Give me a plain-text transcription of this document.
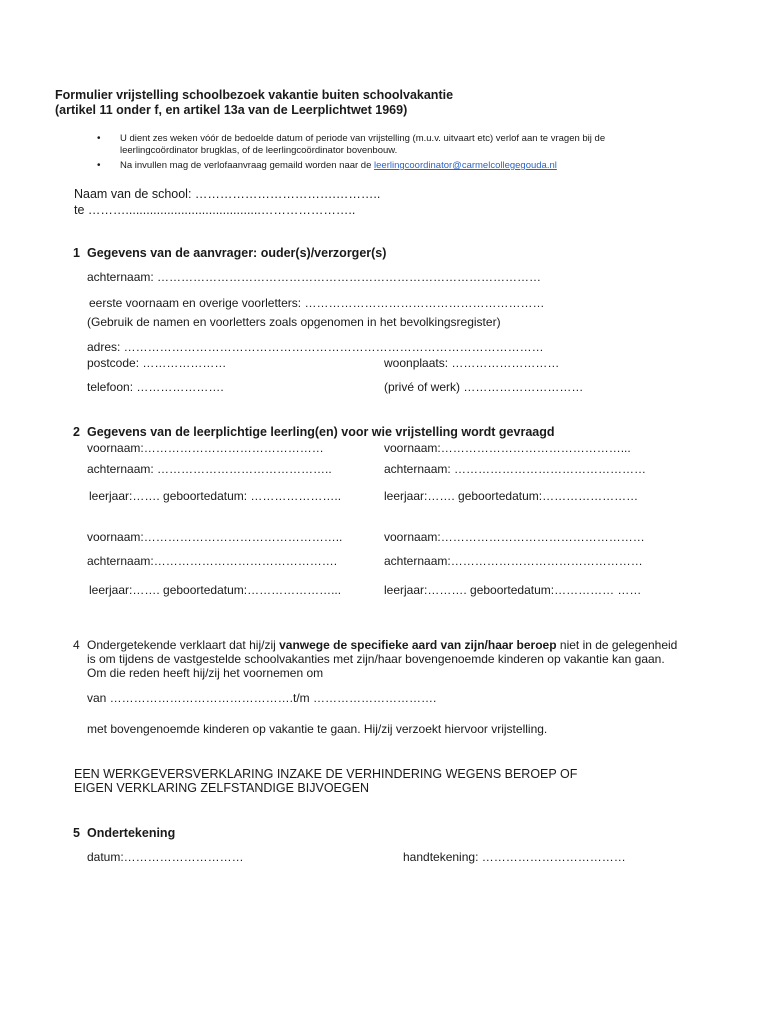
Formulier vrijstelling schoolbezoek vakantie buiten schoolvakantie
(artikel 11 onder f, en artikel 13a van de Leerplichtwet 1969)
• U dient zes weken vóór de bedoelde datum of periode van vrijstelling (m.u.v. uitvaart etc) verlof aan te vragen bij de
leerlingcoördinator brugklas, of de leerlingcoördinator bovenbouw.
• Na invullen mag de verlofaanvraag gemaild worden naar de leerlingcoordinator@carmelcollegegouda.nl
Naam van de school: …………………………….………..
te ……….......................................…………………..
1 Gegevens van de aanvrager: ouder(s)/verzorger(s)
achternaam: ……………………………………………………………………………………
eerste voornaam en overige voorletters: ……………………………………………………
(Gebruik de namen en voorletters zoals opgenomen in het bevolkingsregister)
adres: ……………………………………………………………………………………………
postcode: …………………	woonplaats: ………………………
telefoon: ………………….	(privé of werk) …………………………
2 Gegevens van de leerplichtige leerling(en) voor wie vrijstelling wordt gevraagd
voornaam:………………………………………	voornaam:………………………………………...
achternaam: ……………………………………..	achternaam: …………………………………………
leerjaar:……. geboortedatum: …………………..	leerjaar:……. geboortedatum:……………………
voornaam:…………………………………………..	voornaam:……………………………………………
achternaam:……………………………………….	achternaam:…………………………………………
leerjaar:……. geboortedatum:…………………...	leerjaar:………. geboortedatum:…………… ……
4 Ondergetekende verklaart dat hij/zij vanwege de specifieke aard van zijn/haar beroep niet in de gelegenheid
is om tijdens de vastgestelde schoolvakanties met zijn/haar bovengenoemde kinderen op vakantie kan gaan.
Om die reden heeft hij/zij het voornemen om
van ……………………………………….t/m ………………………….
met bovengenoemde kinderen op vakantie te gaan. Hij/zij verzoekt hiervoor vrijstelling.
EEN WERKGEVERSVERKLARING INZAKE DE VERHINDERING WEGENS BEROEP OF
EIGEN VERKLARING ZELFSTANDIGE BIJVOEGEN
5 Ondertekening
datum:…………………………	handtekening: ………………………………
